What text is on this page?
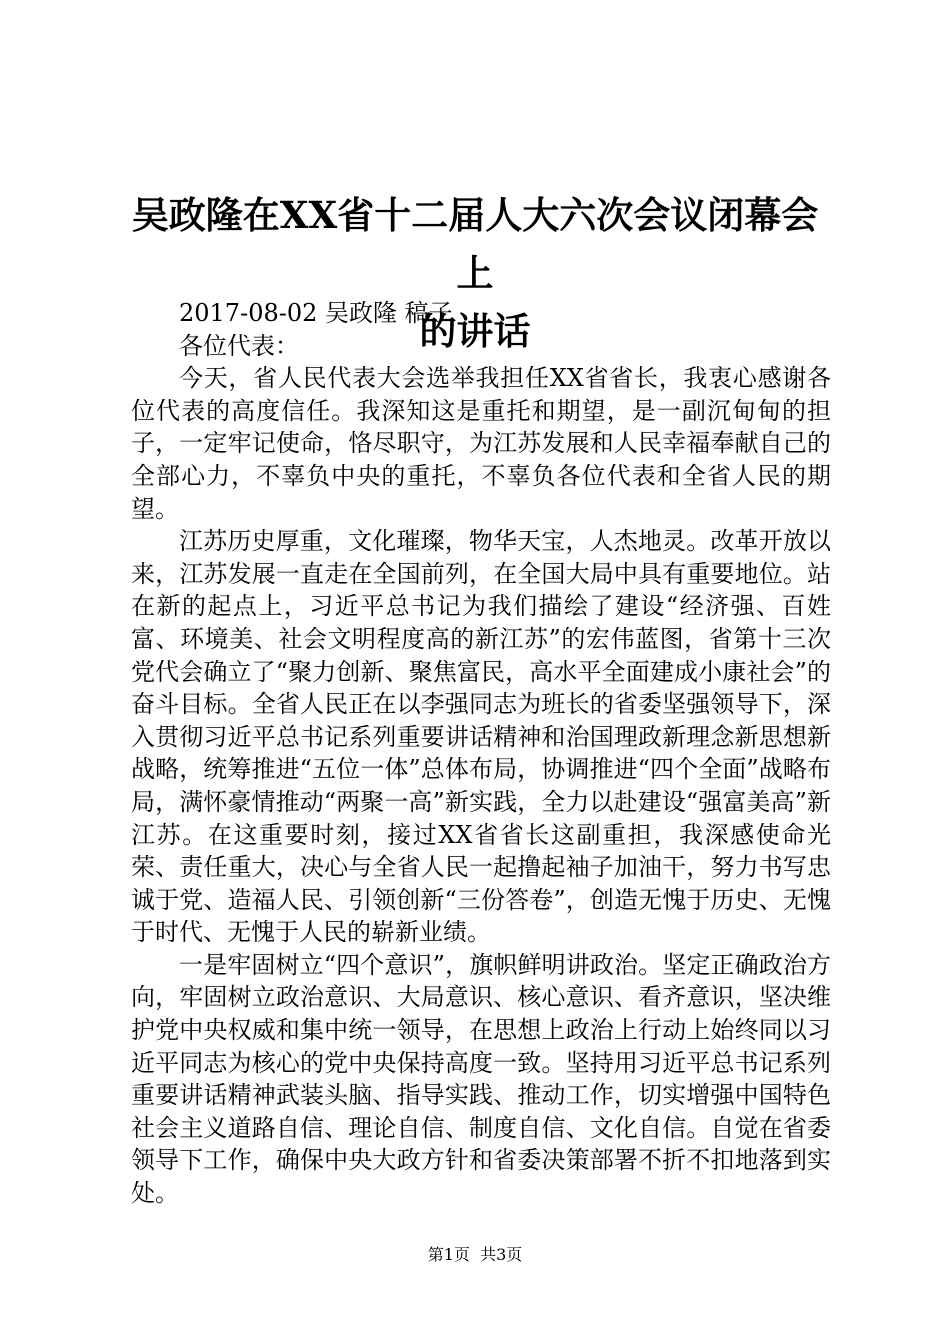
吴政隆在XX省十二届人大六次会议闭幕会上
的讲话

2017-08-02 吴政隆 稿子

各位代表：

今天，省人民代表大会选举我担任XX省省长，我衷心感谢各位代表的高度信任。我深知这是重托和期望，是一副沉甸甸的担子，一定牢记使命，恪尽职守，为江苏发展和人民幸福奉献自己的全部心力，不辜负中央的重托，不辜负各位代表和全省人民的期望。

江苏历史厚重，文化璀璨，物华天宝，人杰地灵。改革开放以来，江苏发展一直走在全国前列，在全国大局中具有重要地位。站在新的起点上，习近平总书记为我们描绘了建设“经济强、百姓富、环境美、社会文明程度高的新江苏”的宏伟蓝图，省第十三次党代会确立了“聚力创新、聚焦富民，高水平全面建成小康社会”的奋斗目标。全省人民正在以李强同志为班长的省委坚强领导下，深入贯彻习近平总书记系列重要讲话精神和治国理政新理念新思想新战略，统筹推进“五位一体”总体布局，协调推进“四个全面”战略布局，满怀豪情推动“两聚一高”新实践，全力以赴建设“强富美高”新江苏。在这重要时刻，接过XX省省长这副重担，我深感使命光荣、责任重大，决心与全省人民一起撸起袖子加油干，努力书写忠诚于党、造福人民、引领创新“三份答卷”，创造无愧于历史、无愧于时代、无愧于人民的崭新业绩。

一是牢固树立“四个意识”，旗帜鲜明讲政治。坚定正确政治方向，牢固树立政治意识、大局意识、核心意识、看齐意识，坚决维护党中央权威和集中统一领导，在思想上政治上行动上始终同以习近平同志为核心的党中央保持高度一致。坚持用习近平总书记系列重要讲话精神武装头脑、指导实践、推动工作，切实增强中国特色社会主义道路自信、理论自信、制度自信、文化自信。自觉在省委领导下工作，确保中央大政方针和省委决策部署不折不扣地落到实处。

第1页 共3页
